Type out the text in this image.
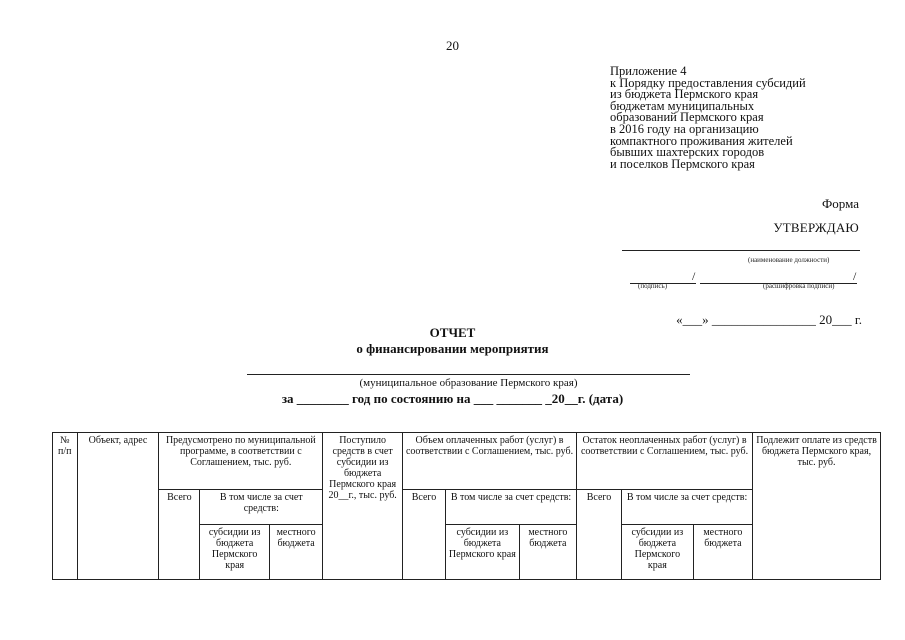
20
Приложение 4
к Порядку предоставления субсидий
из бюджета Пермского края
бюджетам муниципальных
образований Пермского края
в 2016 году на организацию
компактного проживания жителей
бывших шахтерских городов
и поселков Пермского края
Форма
УТВЕРЖДАЮ
(наименование должности)
/	/
(подпись)	(расшифровка подписи)
«___» ________________ 20___ г.
ОТЧЕТ
о финансировании мероприятия
(муниципальное образование Пермского края)
за ________ год по состоянию на ___ _______ _20__г. (дата)
№ п/п	Объект, адрес	Предусмотрено по муниципальной программе, в соответствии с Соглашением, тыс. руб.			Поступило средств в счет субсидии из бюджета Пермского края 20__г., тыс. руб.	Объем оплаченных работ (услуг) в соответствии с Соглашением, тыс. руб.			Остаток неоплаченных работ (услуг) в соответствии с Соглашением, тыс. руб.			Подлежит оплате из средств бюджета Пермского края, тыс. руб.
		Всего	В том числе за счет средств:			Всего	В том числе за счет средств:		Всего	В том числе за счет средств:		
			субсидии из бюджета Пермского края	местного бюджета			субсидии из бюджета Пермского края	местного бюджета		субсидии из бюджета Пермского края	местного бюджета	
